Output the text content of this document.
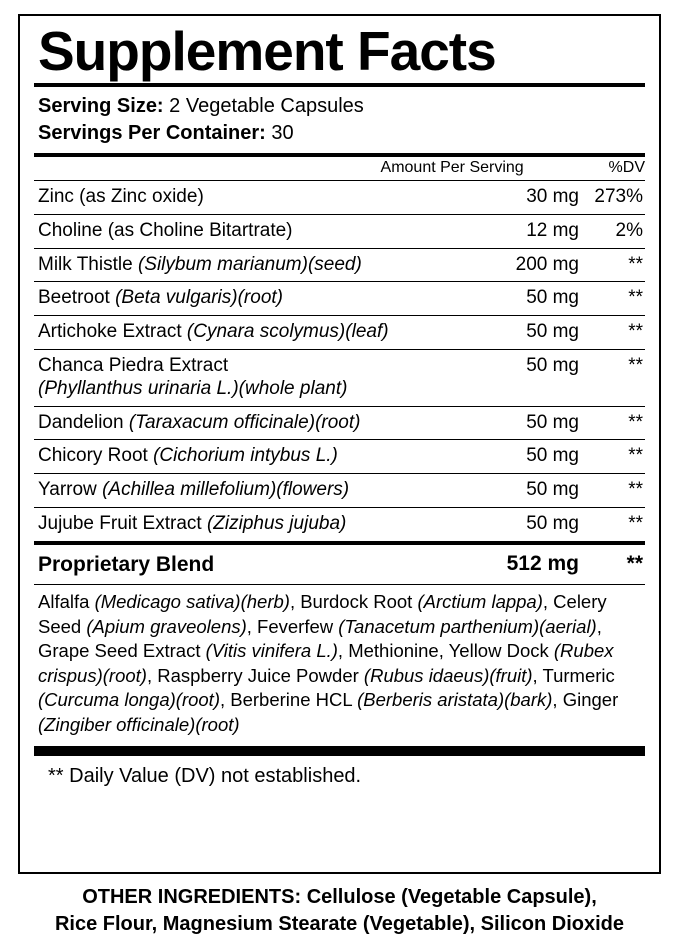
Supplement Facts
Serving Size: 2 Vegetable Capsules
Servings Per Container: 30
	Amount Per Serving	%DV
Zinc (as Zinc oxide)	30 mg	273%
Choline (as Choline Bitartrate)	12 mg	2%
Milk Thistle (Silybum marianum)(seed)	200 mg	**
Beetroot (Beta vulgaris)(root)	50 mg	**
Artichoke Extract (Cynara scolymus)(leaf)	50 mg	**
Chanca Piedra Extract
(Phyllanthus urinaria L.)(whole plant)	50 mg	**
Dandelion (Taraxacum officinale)(root)	50 mg	**
Chicory Root (Cichorium intybus L.)	50 mg	**
Yarrow (Achillea millefolium)(flowers)	50 mg	**
Jujube Fruit Extract (Ziziphus jujuba)	50 mg	**
Proprietary Blend	512 mg	**
Alfalfa (Medicago sativa)(herb), Burdock Root (Arctium lappa), Celery Seed (Apium graveolens), Feverfew (Tanacetum parthenium)(aerial), Grape Seed Extract (Vitis vinifera L.), Methionine, Yellow Dock (Rubex crispus)(root), Raspberry Juice Powder (Rubus idaeus)(fruit), Turmeric (Curcuma longa)(root), Berberine HCL (Berberis aristata)(bark), Ginger (Zingiber officinale)(root)
** Daily Value (DV) not established.
OTHER INGREDIENTS: Cellulose (Vegetable Capsule),
Rice Flour, Magnesium Stearate (Vegetable), Silicon Dioxide
